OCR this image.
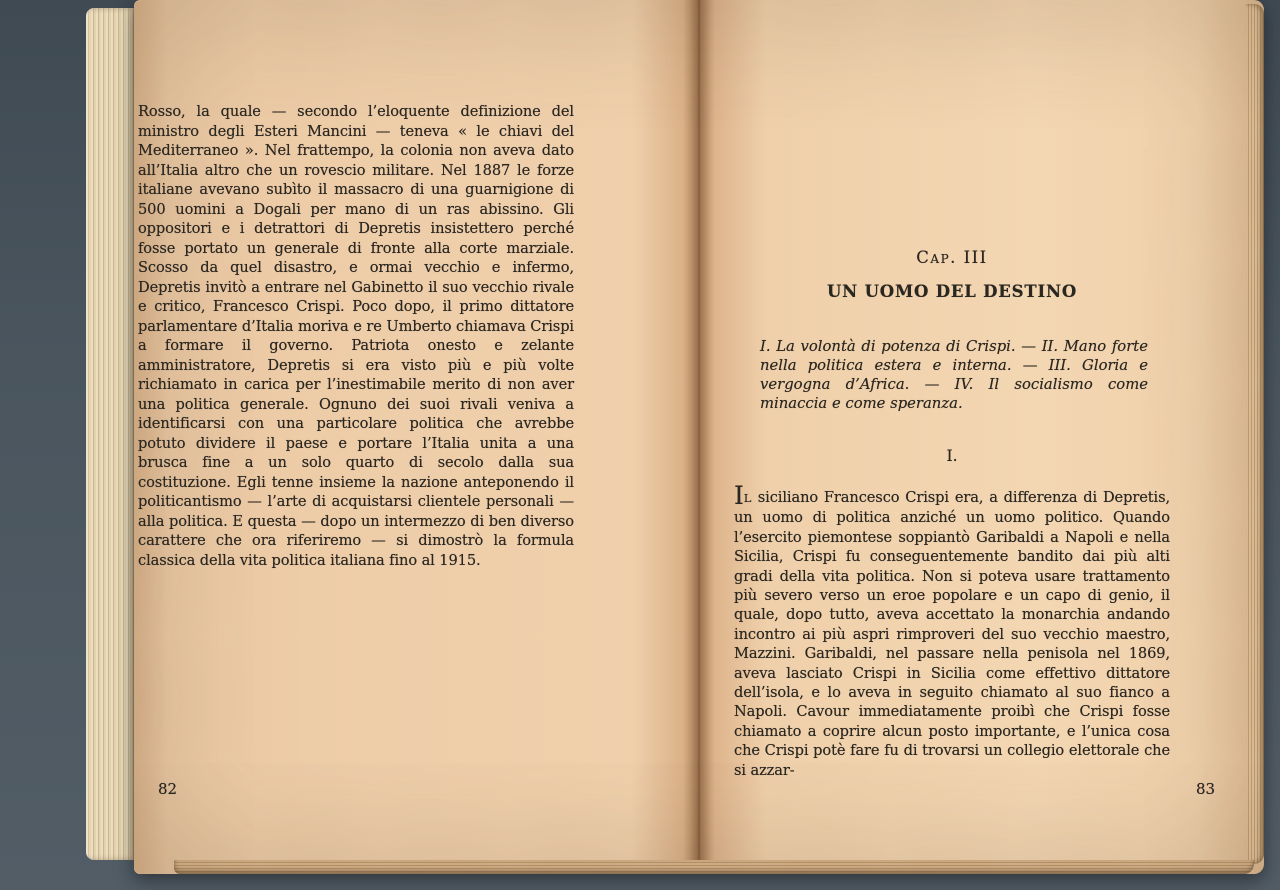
Rosso, la quale — secondo l’eloquente definizione del ministro degli Esteri Mancini — teneva « le chiavi del Mediterraneo ». Nel frattempo, la colonia non aveva dato all’Italia altro che un rovescio militare. Nel 1887 le forze italiane avevano subìto il massacro di una guarnigione di 500 uomini a Dogali per mano di un ras abissino. Gli oppositori e i detrattori di Depretis insistettero perché fosse portato un generale di fronte alla corte marziale. Scosso da quel disastro, e ormai vecchio e infermo, Depretis invitò a entrare nel Gabinetto il suo vecchio rivale e critico, Francesco Crispi. Poco dopo, il primo dittatore parlamentare d’Italia moriva e re Umberto chiamava Crispi a formare il governo. Patriota onesto e zelante amministratore, Depretis si era visto più e più volte richiamato in carica per l’inestimabile merito di non aver una politica generale. Ognuno dei suoi rivali veniva a identificarsi con una particolare politica che avrebbe potuto dividere il paese e portare l’Italia unita a una brusca fine a un solo quarto di secolo dalla sua costituzione. Egli tenne insieme la nazione anteponendo il politicantismo — l’arte di acquistarsi clientele personali — alla politica. E questa — dopo un intermezzo di ben diverso carattere che ora riferiremo — si dimostrò la formula classica della vita politica italiana fino al 1915.
82
Cap. III
UN UOMO DEL DESTINO
I. La volontà di potenza di Crispi. — II. Mano forte nella politica estera e interna. — III. Gloria e vergogna d’Africa. — IV. Il socialismo come minaccia e come speranza.
I.
IL siciliano Francesco Crispi era, a differenza di Depretis, un uomo di politica anziché un uomo politico. Quando l’esercito piemontese soppiantò Garibaldi a Napoli e nella Sicilia, Crispi fu conseguentemente bandito dai più alti gradi della vita politica. Non si poteva usare trattamento più severo verso un eroe popolare e un capo di genio, il quale, dopo tutto, aveva accettato la monarchia andando incontro ai più aspri rimproveri del suo vecchio maestro, Mazzini. Garibaldi, nel passare nella penisola nel 1869, aveva lasciato Crispi in Sicilia come effettivo dittatore dell’isola, e lo aveva in seguito chiamato al suo fianco a Napoli. Cavour immediatamente proibì che Crispi fosse chiamato a coprire alcun posto importante, e l’unica cosa che Crispi potè fare fu di trovarsi un collegio elettorale che si azzar-
83
